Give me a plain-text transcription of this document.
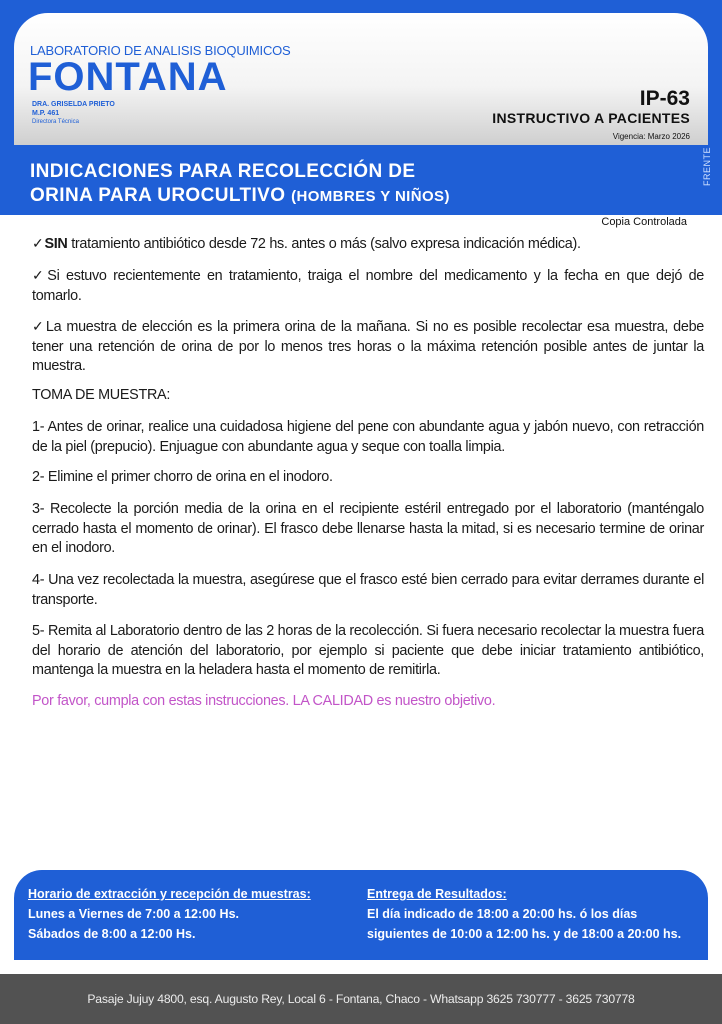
LABORATORIO DE ANALISIS BIOQUIMICOS
FONTANA
DRA. GRISELDA PRIETO
M.P. 461
Directora Técnica
IP-63
INSTRUCTIVO A PACIENTES
Vigencia: Marzo 2026
INDICACIONES PARA RECOLECCIÓN DE
ORINA PARA UROCULTIVO (HOMBRES Y NIÑOS)
FRENTE
Copia Controlada
✓SIN tratamiento antibiótico desde 72 hs. antes o más (salvo expresa indicación médica).
✓Si estuvo recientemente en tratamiento, traiga el nombre del medicamento y la fecha en que dejó de tomarlo.
✓La muestra de elección es la primera orina de la mañana. Si no es posible recolectar esa muestra, debe tener una retención de orina de por lo menos tres horas o la máxima retención posible antes de juntar la muestra.
TOMA DE MUESTRA:
1- Antes de orinar, realice una cuidadosa higiene del pene con abundante agua y jabón nuevo, con retracción de la piel (prepucio). Enjuague con abundante agua y seque con toalla limpia.
2- Elimine el primer chorro de orina en el inodoro.
3- Recolecte la porción media de la orina en el recipiente estéril entregado por el laboratorio (manténgalo cerrado hasta el momento de orinar). El frasco debe llenarse hasta la mitad, si es necesario termine de orinar en el inodoro.
4- Una vez recolectada la muestra, asegúrese que el frasco esté bien cerrado para evitar derrames durante el transporte.
5- Remita al Laboratorio dentro de las 2 horas de la recolección. Si fuera necesario recolectar la muestra fuera del horario de atención del laboratorio, por ejemplo si paciente que debe iniciar tratamiento antibiótico, mantenga la muestra en la heladera hasta el momento de remitirla.
Por favor, cumpla con estas instrucciones. LA CALIDAD es nuestro objetivo.
Horario de extracción y recepción de muestras:
Lunes a Viernes de 7:00 a 12:00 Hs.
Sábados de 8:00 a 12:00 Hs.
Entrega de Resultados:
El día indicado de 18:00 a 20:00 hs. ó los días
siguientes de 10:00 a 12:00 hs. y de 18:00 a 20:00 hs.
Pasaje Jujuy 4800, esq. Augusto Rey, Local 6 - Fontana, Chaco - Whatsapp 3625 730777 - 3625 730778
